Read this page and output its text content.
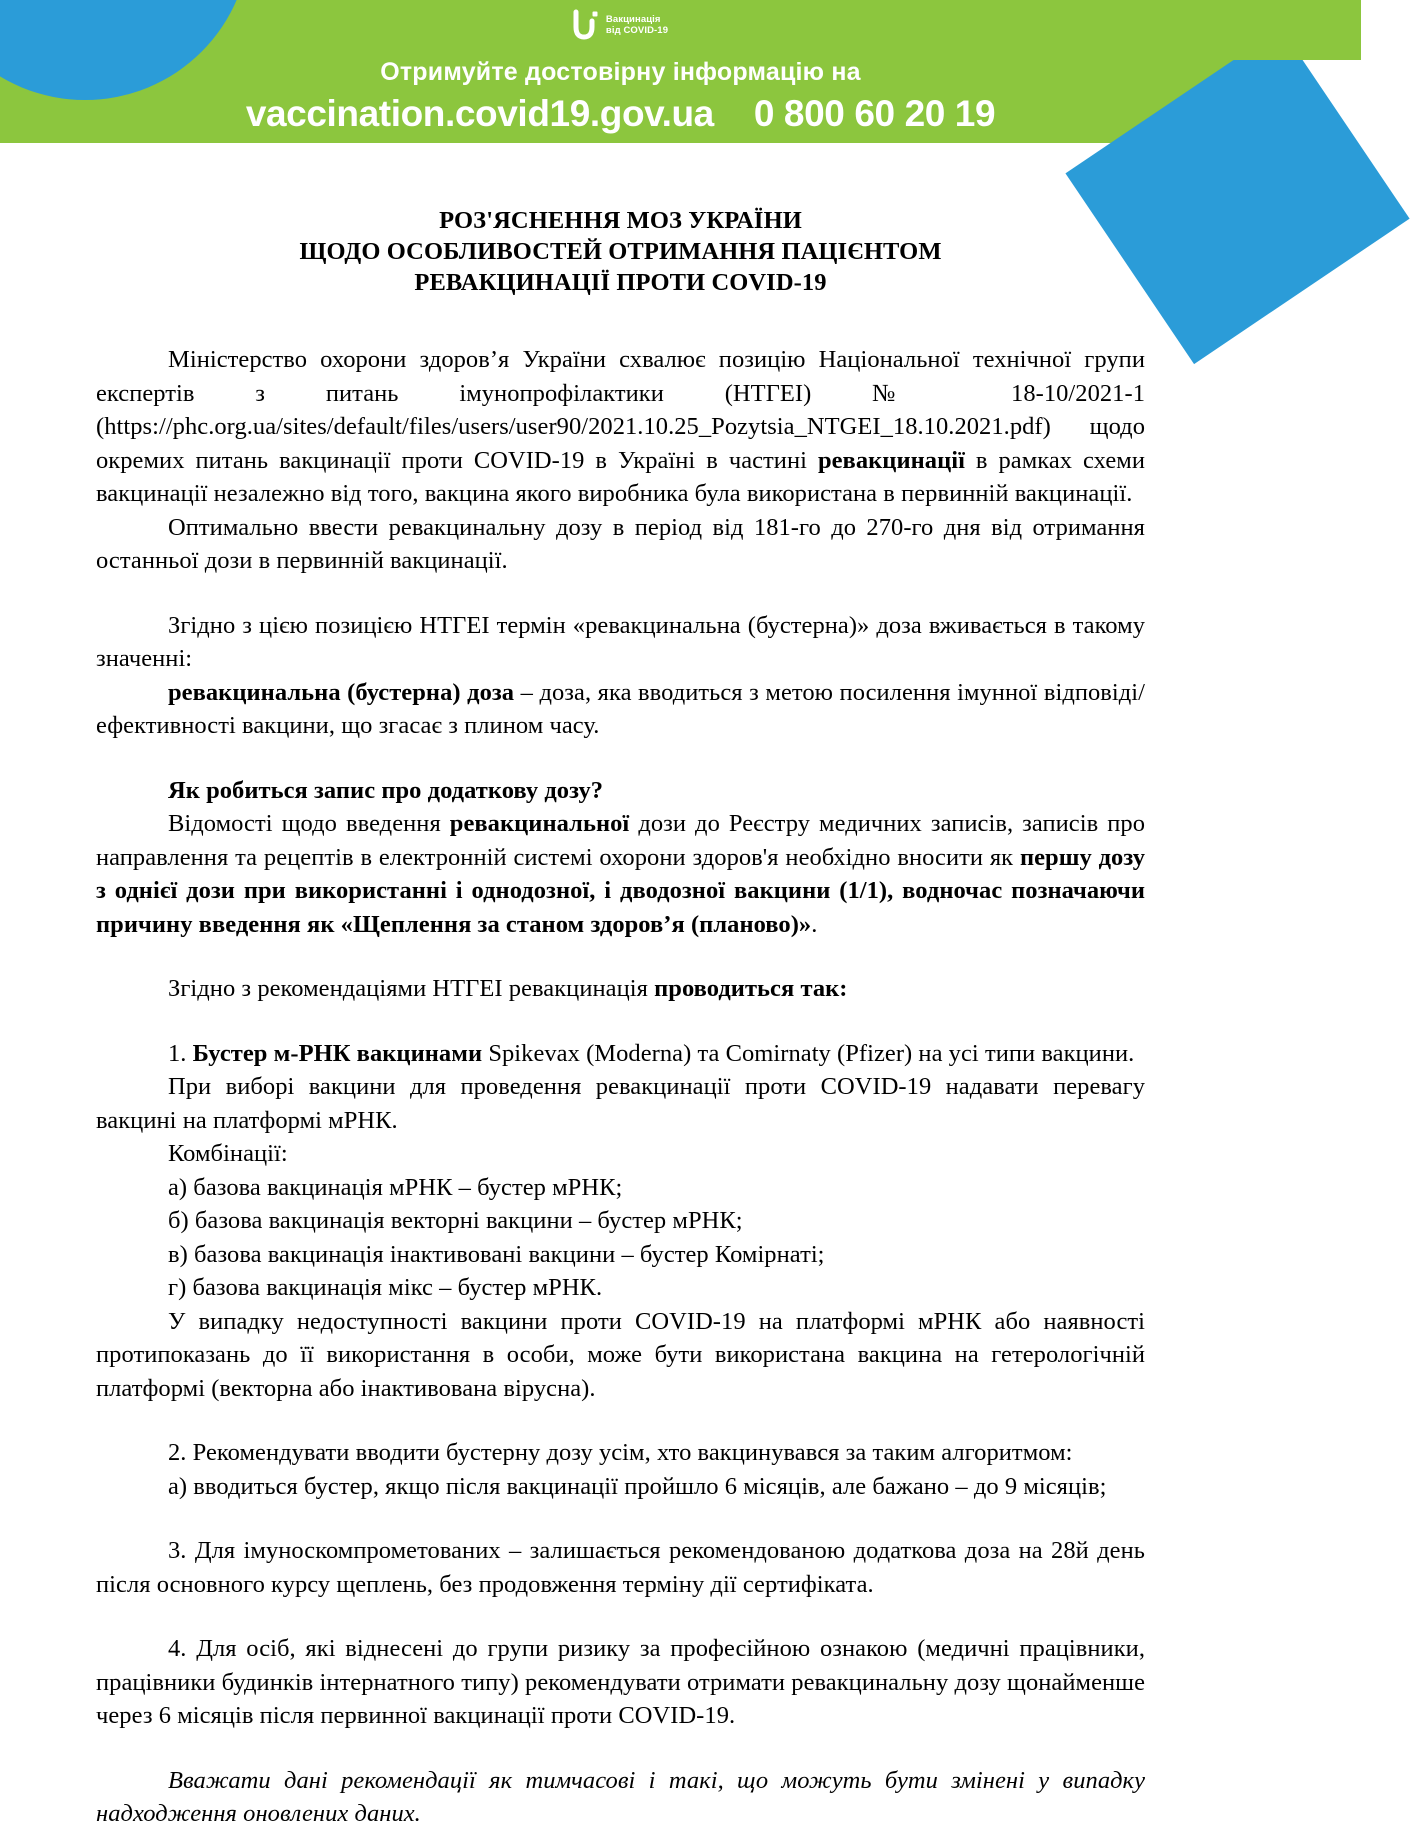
Вакцинація
від COVID-19
Отримуйте достовірну інформацію на
vaccination.covid19.gov.ua 0 800 60 20 19
РОЗ'ЯСНЕННЯ МОЗ УКРАЇНИ
ЩОДО ОСОБЛИВОСТЕЙ ОТРИМАННЯ ПАЦІЄНТОМ
РЕВАКЦИНАЦІЇ ПРОТИ COVID-19

Міністерство охорони здоров’я України схвалює позицію Національної технічної групи експертів з питань імунопрофілактики (НТГЕІ) № 18-10/2021-1 (https://phc.org.ua/sites/default/files/users/user90/2021.10.25_Pozytsia_NTGEI_18.10.2021.pdf) щодо окремих питань вакцинації проти COVID-19 в Україні в частині ревакцинації в рамках схеми вакцинації незалежно від того, вакцина якого виробника була використана в первинній вакцинації.

Оптимально ввести ревакцинальну дозу в період від 181-го до 270-го дня від отримання останньої дози в первинній вакцинації.

Згідно з цією позицією НТГЕІ термін «ревакцинальна (бустерна)» доза вживається в такому значенні:

ревакцинальна (бустерна) доза – доза, яка вводиться з метою посилення імунної відповіді/ефективності вакцини, що згасає з плином часу.

Як робиться запис про додаткову дозу?

Відомості щодо введення ревакцинальної дози до Реєстру медичних записів, записів про направлення та рецептів в електронній системі охорони здоров'я необхідно вносити як першу дозу з однієї дози при використанні і однодозної, і дводозної вакцини (1/1), водночас позначаючи причину введення як «Щеплення за станом здоров’я (планово)».

Згідно з рекомендаціями НТГЕІ ревакцинація проводиться так:

1. Бустер м-РНК вакцинами Spikevax (Moderna) та Comirnaty (Pfizer) на усі типи вакцини.

При виборі вакцини для проведення ревакцинації проти COVID-19 надавати перевагу вакцині на платформі мРНК.

Комбінації:

а) базова вакцинація мРНК – бустер мРНК;

б) базова вакцинація векторні вакцини – бустер мРНК;

в) базова вакцинація інактивовані вакцини – бустер Комірнаті;

г) базова вакцинація мікс – бустер мРНК.

У випадку недоступності вакцини проти COVID-19 на платформі мРНК або наявності протипоказань до її використання в особи, може бути використана вакцина на гетерологічній платформі (векторна або інактивована вірусна).

2. Рекомендувати вводити бустерну дозу усім, хто вакцинувався за таким алгоритмом:

а) вводиться бустер, якщо після вакцинації пройшло 6 місяців, але бажано – до 9 місяців;

3. Для імуноскомпрометованих – залишається рекомендованою додаткова доза на 28й день після основного курсу щеплень, без продовження терміну дії сертифіката.

4. Для осіб, які віднесені до групи ризику за професійною ознакою (медичні працівники, працівники будинків інтернатного типу) рекомендувати отримати ревакцинальну дозу щонайменше через 6 місяців після первинної вакцинації проти COVID-19.

Вважати дані рекомендації як тимчасові і такі, що можуть бути змінені у випадку надходження оновлених даних.
